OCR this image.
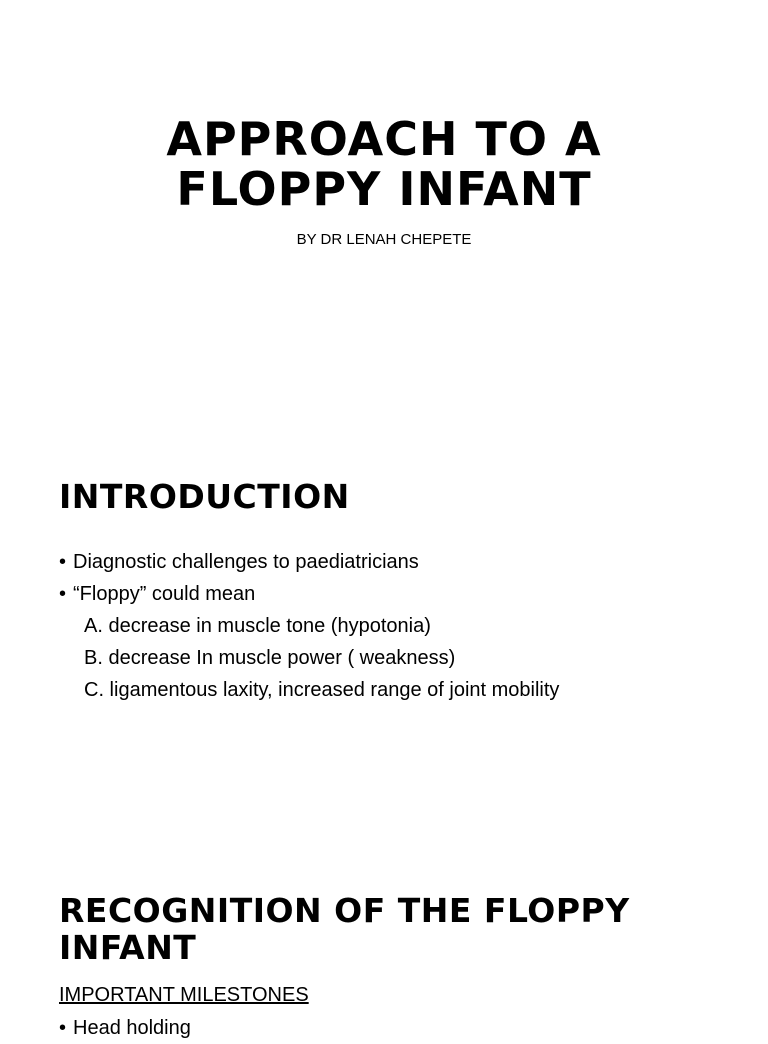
APPROACH TO A
FLOPPY INFANT

BY DR LENAH CHEPETE

INTRODUCTION
• Diagnostic challenges to paediatricians
• “Floppy” could mean
A. decrease in muscle tone (hypotonia)
B. decrease In muscle power ( weakness)
C. ligamentous laxity, increased range of joint mobility
RECOGNITION OF THE FLOPPY
INFANT

IMPORTANT MILESTONES

• Head holding
